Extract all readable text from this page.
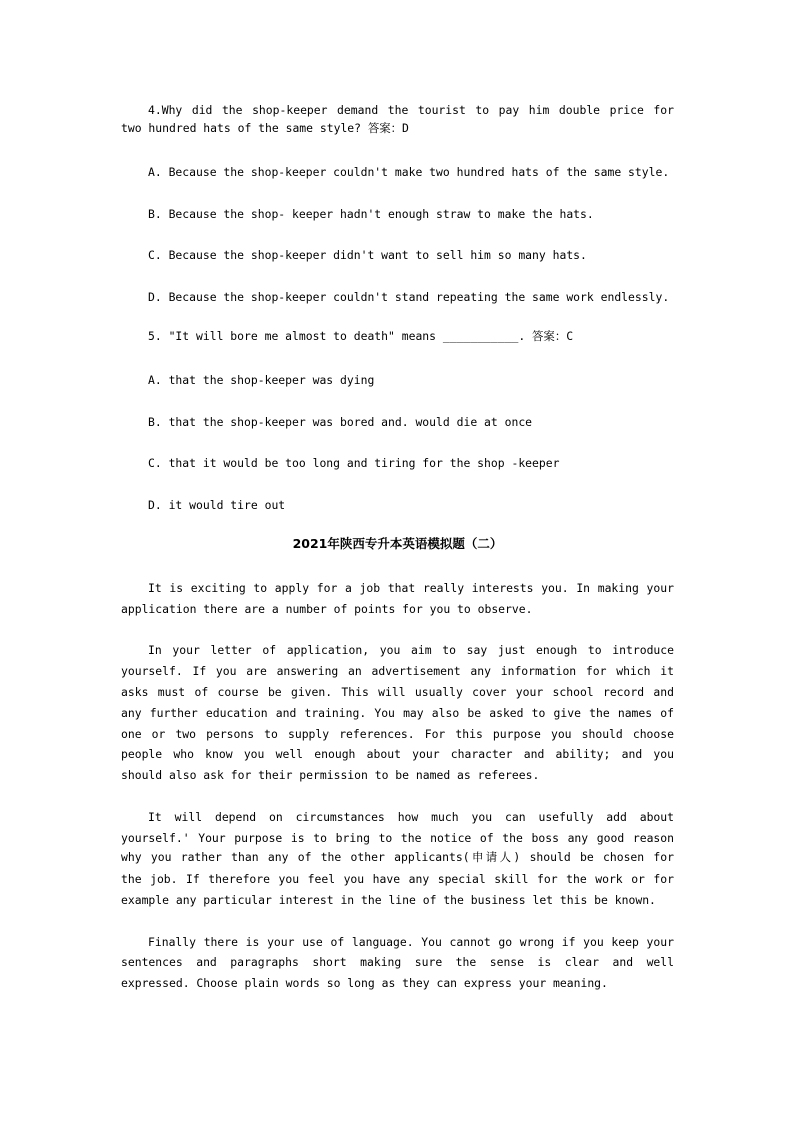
4.Why did the shop-keeper demand the tourist to pay him double price for
two hundred hats of the same style? 答案：D
A. Because the shop-keeper couldn't make two hundred hats of the same style.
B. Because the shop- keeper hadn't enough straw to make the hats.
C. Because the shop-keeper didn't want to sell him so many hats.
D. Because the shop-keeper couldn't stand repeating the same work endlessly.
5. "It will bore me almost to death" means ___________. 答案：C
A. that the shop-keeper was dying
B. that the shop-keeper was bored and. would die at once
C. that it would be too long and tiring for the shop -keeper
D. it would tire out
2021年陕西专升本英语模拟题（二）
It is exciting to apply for a job that really interests you. In making your
application there are a number of points for you to observe.
In your letter of application, you aim to say just enough to introduce
yourself. If you are answering an advertisement any information for which it
asks must of course be given. This will usually cover your school record and
any further education and training. You may also be asked to give the names of
one or two persons to supply references. For this purpose you should choose
people who know you well enough about your character and ability; and you
should also ask for their permission to be named as referees.
It will depend on circumstances how much you can usefully add about
yourself.' Your purpose is to bring to the notice of the boss any good reason
why you rather than any of the other applicants(申请人) should be chosen for
the job. If therefore you feel you have any special skill for the work or for
example any particular interest in the line of the business let this be known.
Finally there is your use of language. You cannot go wrong if you keep your
sentences and paragraphs short making sure the sense is clear and well
expressed. Choose plain words so long as they can express your meaning.
